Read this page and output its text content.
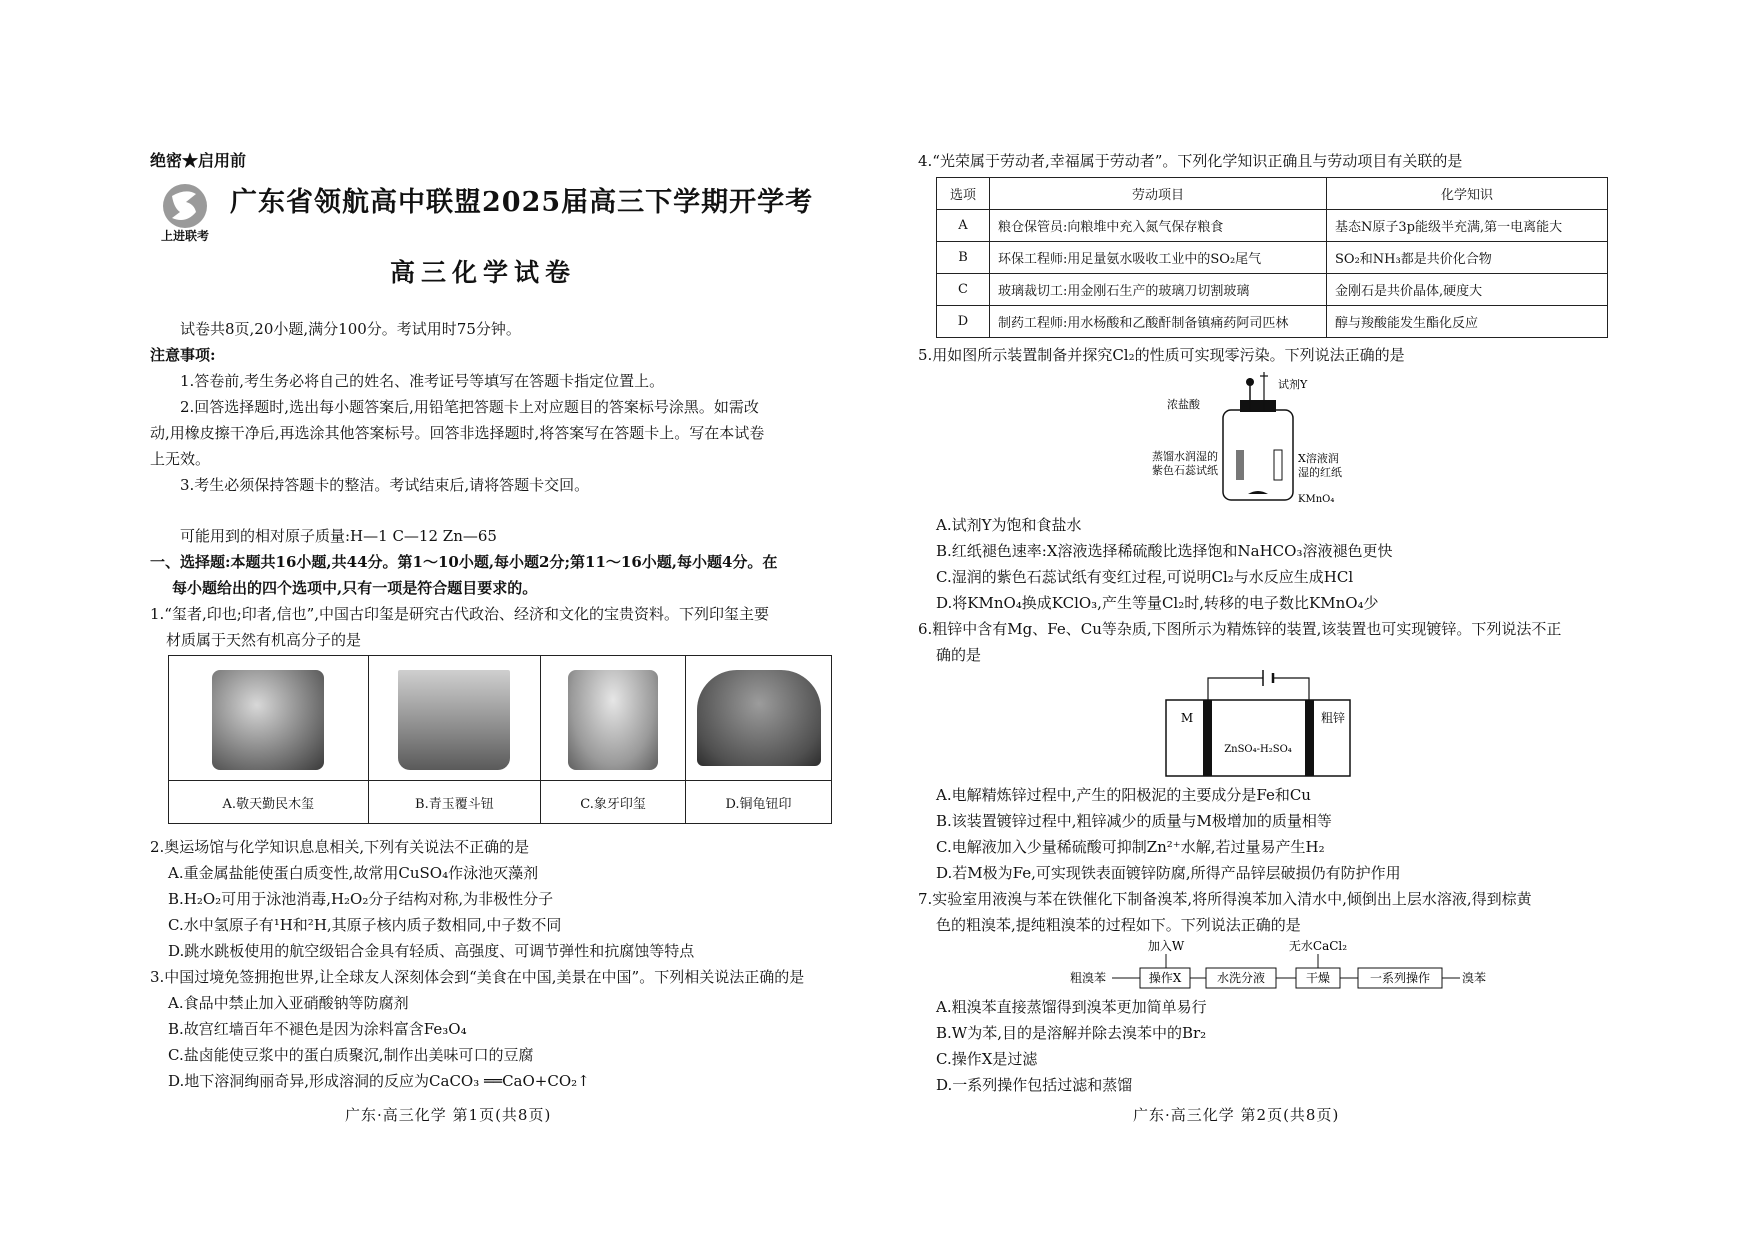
绝密★启用前
上进联考
广东省领航高中联盟2025届高三下学期开学考
高三化学试卷
试卷共8页,20小题,满分100分。考试用时75分钟。
注意事项:
1.答卷前,考生务必将自己的姓名、准考证号等填写在答题卡指定位置上。
2.回答选择题时,选出每小题答案后,用铅笔把答题卡上对应题目的答案标号涂黑。如需改
动,用橡皮擦干净后,再选涂其他答案标号。回答非选择题时,将答案写在答题卡上。写在本试卷
上无效。
3.考生必须保持答题卡的整洁。考试结束后,请将答题卡交回。
可能用到的相对原子质量:H—1 C—12 Zn—65
一、选择题:本题共16小题,共44分。第1～10小题,每小题2分;第11～16小题,每小题4分。在
每小题给出的四个选项中,只有一项是符合题目要求的。
1.“玺者,印也;印者,信也”,中国古印玺是研究古代政治、经济和文化的宝贵资料。下列印玺主要
材质属于天然有机高分子的是

A.敬天勤民木玺	B.青玉覆斗钮	C.象牙印玺	D.铜龟钮印
2.奥运场馆与化学知识息息相关,下列有关说法不正确的是
A.重金属盐能使蛋白质变性,故常用CuSO₄作泳池灭藻剂
B.H₂O₂可用于泳池消毒,H₂O₂分子结构对称,为非极性分子
C.水中氢原子有¹H和²H,其原子核内质子数相同,中子数不同
D.跳水跳板使用的航空级铝合金具有轻质、高强度、可调节弹性和抗腐蚀等特点
3.中国过境免签拥抱世界,让全球友人深刻体会到“美食在中国,美景在中国”。下列相关说法正确的是
A.食品中禁止加入亚硝酸钠等防腐剂
B.故宫红墙百年不褪色是因为涂料富含Fe₃O₄
C.盐卤能使豆浆中的蛋白质聚沉,制作出美味可口的豆腐
D.地下溶洞绚丽奇异,形成溶洞的反应为CaCO₃ ══CaO+CO₂↑
广东·高三化学 第1页(共8页)
4.“光荣属于劳动者,幸福属于劳动者”。下列化学知识正确且与劳动项目有关联的是
选项	劳动项目	化学知识
A	粮仓保管员:向粮堆中充入氮气保存粮食	基态N原子3p能级半充满,第一电离能大
B	环保工程师:用足量氨水吸收工业中的SO₂尾气	SO₂和NH₃都是共价化合物
C	玻璃裁切工:用金刚石生产的玻璃刀切割玻璃	金刚石是共价晶体,硬度大
D	制药工程师:用水杨酸和乙酸酐制备镇痛药阿司匹林	醇与羧酸能发生酯化反应
5.用如图所示装置制备并探究Cl₂的性质可实现零污染。下列说法正确的是
浓盐酸
试剂Y
蒸馏水润湿的
紫色石蕊试纸
X溶液润
湿的红纸
KMnO₄
A.试剂Y为饱和食盐水
B.红纸褪色速率:X溶液选择稀硫酸比选择饱和NaHCO₃溶液褪色更快
C.湿润的紫色石蕊试纸有变红过程,可说明Cl₂与水反应生成HCl
D.将KMnO₄换成KClO₃,产生等量Cl₂时,转移的电子数比KMnO₄少
6.粗锌中含有Mg、Fe、Cu等杂质,下图所示为精炼锌的装置,该装置也可实现镀锌。下列说法不正
确的是
M	粗锌
ZnSO₄-H₂SO₄
A.电解精炼锌过程中,产生的阳极泥的主要成分是Fe和Cu
B.该装置镀锌过程中,粗锌减少的质量与M极增加的质量相等
C.电解液加入少量稀硫酸可抑制Zn²⁺水解,若过量易产生H₂
D.若M极为Fe,可实现铁表面镀锌防腐,所得产品锌层破损仍有防护作用
7.实验室用液溴与苯在铁催化下制备溴苯,将所得溴苯加入清水中,倾倒出上层水溶液,得到棕黄
色的粗溴苯,提纯粗溴苯的过程如下。下列说法正确的是
加入W	无水CaCl₂
粗溴苯	操作X	水洗分液	干燥	一系列操作	溴苯
A.粗溴苯直接蒸馏得到溴苯更加简单易行
B.W为苯,目的是溶解并除去溴苯中的Br₂
C.操作X是过滤
D.一系列操作包括过滤和蒸馏
广东·高三化学 第2页(共8页)
